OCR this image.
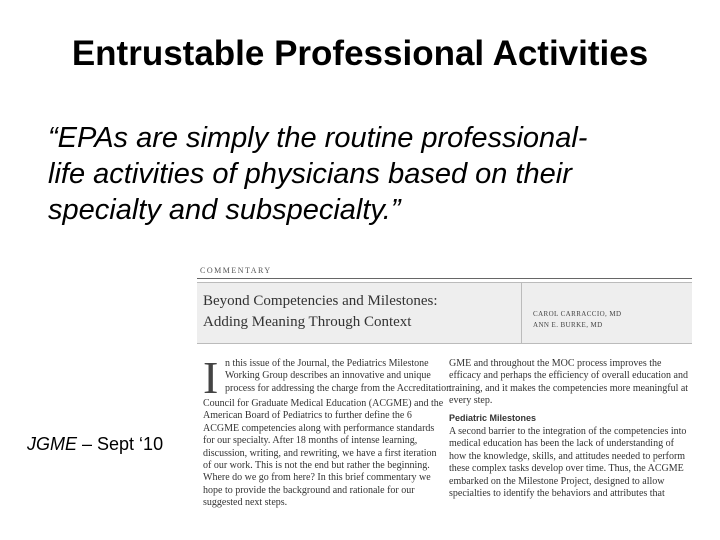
Entrustable Professional Activities
“EPAs are simply the routine professional-
life activities of physicians based on their
specialty and subspecialty.”
JGME – Sept ‘10
COMMENTARY
Beyond Competencies and Milestones:
Adding Meaning Through Context	CAROL CARRACCIO, MD
ANN E. BURKE, MD
I n this issue of the Journal, the Pediatrics Milestone
Working Group describes an innovative and unique
process for addressing the charge from the Accreditation
Council for Graduate Medical Education (ACGME) and the
American Board of Pediatrics to further define the 6
ACGME competencies along with performance standards
for our specialty. After 18 months of intense learning,
discussion, writing, and rewriting, we have a first iteration
of our work. This is not the end but rather the beginning.
Where do we go from here? In this brief commentary we
hope to provide the background and rationale for our
suggested next steps.
GME and throughout the MOC process improves the
efficacy and perhaps the efficiency of overall education and
training, and it makes the competencies more meaningful at
every step.
Pediatric Milestones
A second barrier to the integration of the competencies into
medical education has been the lack of understanding of
how the knowledge, skills, and attitudes needed to perform
these complex tasks develop over time. Thus, the ACGME
embarked on the Milestone Project, designed to allow
specialties to identify the behaviors and attributes that
